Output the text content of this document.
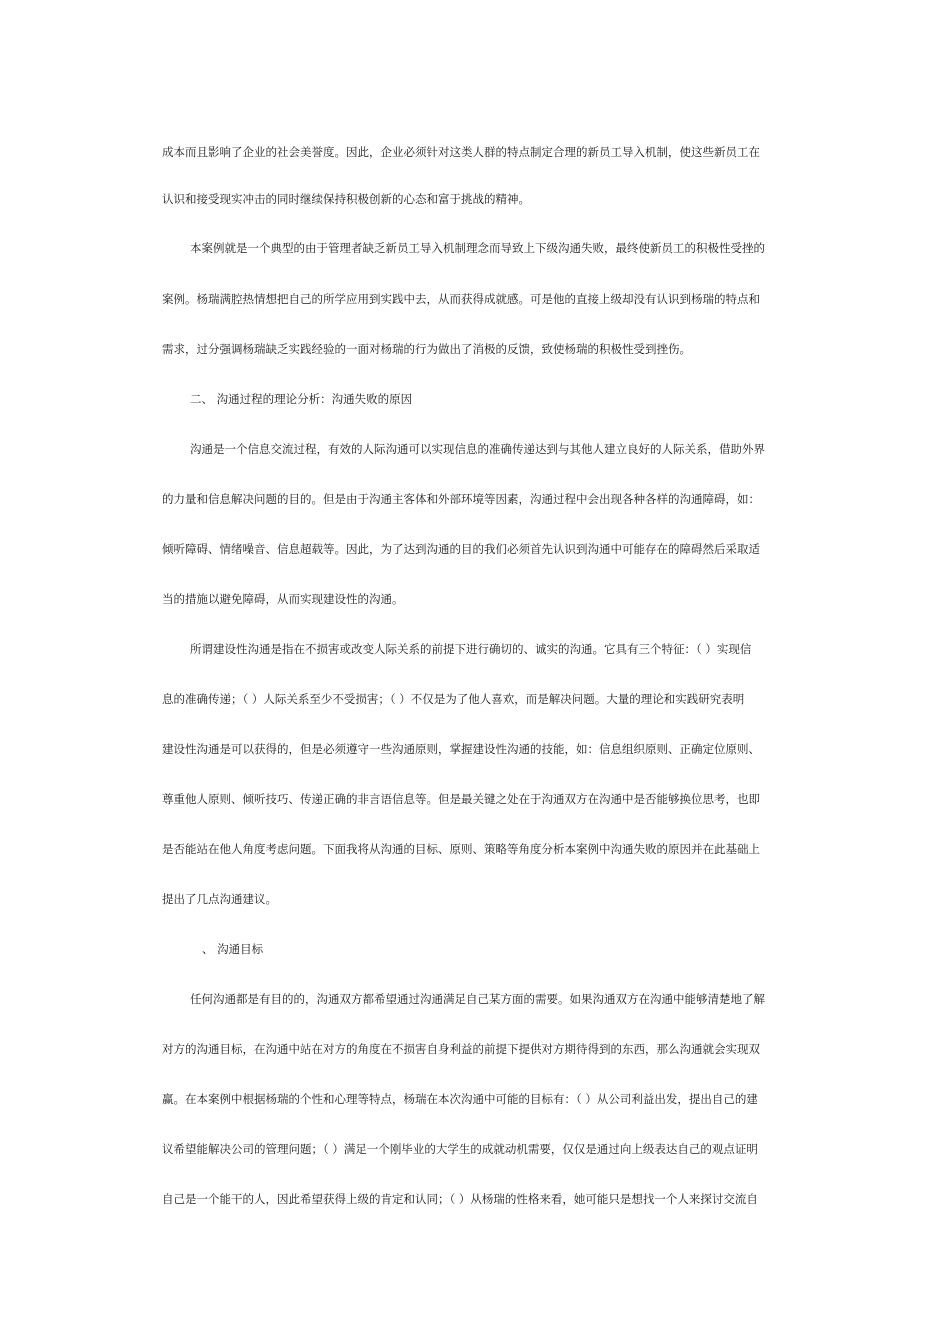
成本而且影响了企业的社会美誉度。因此，企业必须针对这类人群的特点制定合理的新员工导入机制，使这些新员工在
认识和接受现实冲击的同时继续保持积极创新的心态和富于挑战的精神。
本案例就是一个典型的由于管理者缺乏新员工导入机制理念而导致上下级沟通失败，最终使新员工的积极性受挫的
案例。杨瑞满腔热情想把自己的所学应用到实践中去，从而获得成就感。可是他的直接上级却没有认识到杨瑞的特点和
需求，过分强调杨瑞缺乏实践经验的一面对杨瑞的行为做出了消极的反馈，致使杨瑞的积极性受到挫伤。
二、 沟通过程的理论分析：沟通失败的原因
沟通是一个信息交流过程，有效的人际沟通可以实现信息的准确传递达到与其他人建立良好的人际关系，借助外界
的力量和信息解决问题的目的。但是由于沟通主客体和外部环境等因素，沟通过程中会出现各种各样的沟通障碍，如：
倾听障碍、情绪噪音、信息超载等。因此，为了达到沟通的目的我们必须首先认识到沟通中可能存在的障碍然后采取适
当的措施以避免障碍，从而实现建设性的沟通。
所谓建设性沟通是指在不损害或改变人际关系的前提下进行确切的、诚实的沟通。它具有三个特征：（ ）实现信
息的准确传递；（ ）人际关系至少不受损害；（ ）不仅是为了他人喜欢，而是解决问题。大量的理论和实践研究表明
建设性沟通是可以获得的，但是必须遵守一些沟通原则，掌握建设性沟通的技能，如：信息组织原则、正确定位原则、
尊重他人原则、倾听技巧、传递正确的非言语信息等。但是最关键之处在于沟通双方在沟通中是否能够换位思考，也即
是否能站在他人角度考虑问题。下面我将从沟通的目标、原则、策略等角度分析本案例中沟通失败的原因并在此基础上
提出了几点沟通建议。
、 沟通目标
任何沟通都是有目的的，沟通双方都希望通过沟通满足自己某方面的需要。如果沟通双方在沟通中能够清楚地了解
对方的沟通目标，在沟通中站在对方的角度在不损害自身利益的前提下提供对方期待得到的东西，那么沟通就会实现双
赢。在本案例中根据杨瑞的个性和心理等特点，杨瑞在本次沟通中可能的目标有：（ ）从公司利益出发，提出自己的建
议希望能解决公司的管理问题；（ ）满足一个刚毕业的大学生的成就动机需要，仅仅是通过向上级表达自己的观点证明
自己是一个能干的人，因此希望获得上级的肯定和认同；（ ）从杨瑞的性格来看，她可能只是想找一个人来探讨交流自
